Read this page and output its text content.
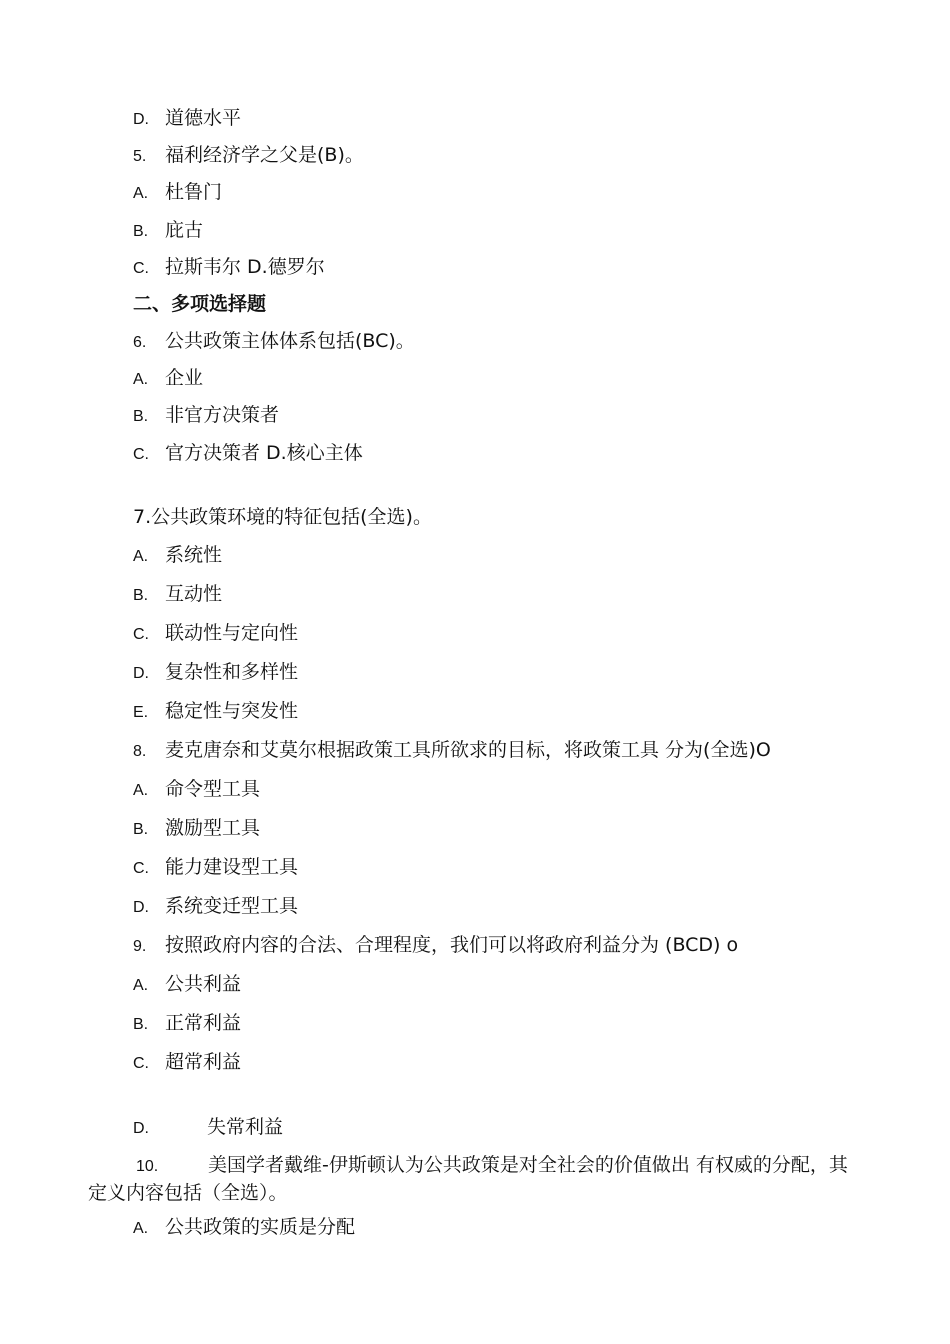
D. 道德水平
5. 福利经济学之父是(B)。
A. 杜鲁门
B. 庇古
C. 拉斯韦尔 D.德罗尔
二、多项选择题
6. 公共政策主体体系包括(BC)。
A. 企业
B. 非官方决策者
C. 官方决策者 D.核心主体
7.公共政策环境的特征包括(全选)。
A. 系统性
B. 互动性
C. 联动性与定向性
D. 复杂性和多样性
E. 稳定性与突发性
8. 麦克唐奈和艾莫尔根据政策工具所欲求的目标，将政策工具 分为(全选)O
A. 命令型工具
B. 激励型工具
C. 能力建设型工具
D. 系统变迁型工具
9. 按照政府内容的合法、合理程度，我们可以将政府利益分为 (BCD) o
A. 公共利益
B. 正常利益
C. 超常利益
D.	失常利益
10.	美国学者戴维-伊斯顿认为公共政策是对全社会的价值做出 有权威的分配，其定义内容包括（全选）。
A. 公共政策的实质是分配
